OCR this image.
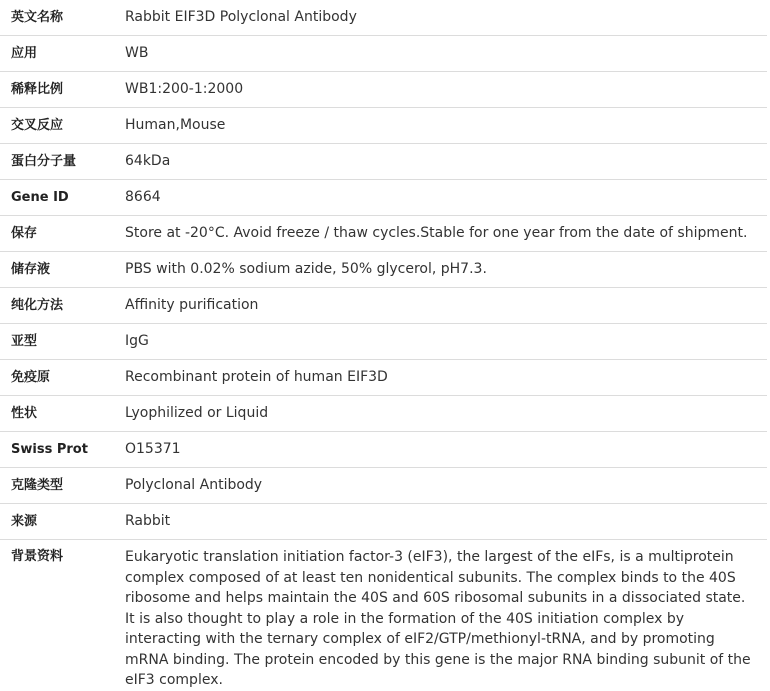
英文名称	Rabbit EIF3D Polyclonal Antibody
应用	WB
稀释比例	WB1:200-1:2000
交叉反应	Human,Mouse
蛋白分子量	64kDa
Gene ID	8664
保存	Store at -20°C. Avoid freeze / thaw cycles.Stable for one year from the date of shipment.
储存液	PBS with 0.02% sodium azide, 50% glycerol, pH7.3.
纯化方法	Affinity purification
亚型	IgG
免疫原	Recombinant protein of human EIF3D
性状	Lyophilized or Liquid
Swiss Prot	O15371
克隆类型	Polyclonal Antibody
来源	Rabbit
背景资料	Eukaryotic translation initiation factor-3 (eIF3), the largest of the eIFs, is a multiprotein complex composed of at least ten nonidentical subunits. The complex binds to the 40S ribosome and helps maintain the 40S and 60S ribosomal subunits in a dissociated state. It is also thought to play a role in the formation of the 40S initiation complex by interacting with the ternary complex of eIF2/GTP/methionyl-tRNA, and by promoting mRNA binding. The protein encoded by this gene is the major RNA binding subunit of the eIF3 complex.
